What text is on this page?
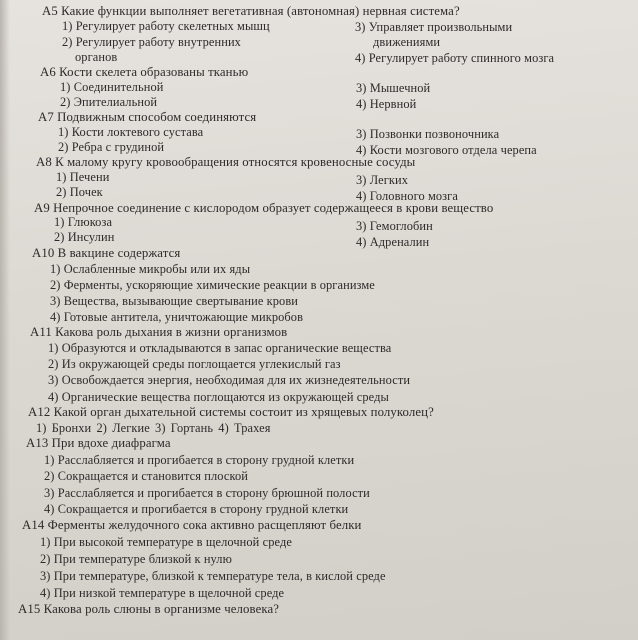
А5 Какие функции выполняет вегетативная (автономная) нервная система?
1) Регулирует работу скелетных мышц
2) Регулирует работу внутренних
органов
3) Управляет произвольными
движениями
4) Регулирует работу спинного мозга
А6 Кости скелета образованы тканью
1) Соединительной
2) Эпителиальной
3) Мышечной
4) Нервной
А7 Подвижным способом соединяются
1) Кости локтевого сустава
2) Ребра с грудиной
3) Позвонки позвоночника
4) Кости мозгового отдела черепа
А8 К малому кругу кровообращения относятся кровеносные сосуды
1) Печени
2) Почек
3) Легких
4) Головного мозга
А9 Непрочное соединение с кислородом образует содержащееся в крови вещество
1) Глюкоза
2) Инсулин
3) Гемоглобин
4) Адреналин
А10 В вакцине содержатся
1) Ослабленные микробы или их яды
2) Ферменты, ускоряющие химические реакции в организме
3) Вещества, вызывающие свертывание крови
4) Готовые антитела, уничтожающие микробов
А11 Какова роль дыхания в жизни организмов
1) Образуются и откладываются в запас органические вещества
2) Из окружающей среды поглощается углекислый газ
3) Освобождается энергия, необходимая для их жизнедеятельности
4) Органические вещества поглощаются из окружающей среды
А12 Какой орган дыхательной системы состоит из хрящевых полуколец?
1) Бронхи 2) Легкие 3) Гортань 4) Трахея
А13 При вдохе диафрагма
1) Расслабляется и прогибается в сторону грудной клетки
2) Сокращается и становится плоской
3) Расслабляется и прогибается в сторону брюшной полости
4) Сокращается и прогибается в сторону грудной клетки
А14 Ферменты желудочного сока активно расщепляют белки
1) При высокой температуре в щелочной среде
2) При температуре близкой к нулю
3) При температуре, близкой к температуре тела, в кислой среде
4) При низкой температуре в щелочной среде
А15 Какова роль слюны в организме человека?
